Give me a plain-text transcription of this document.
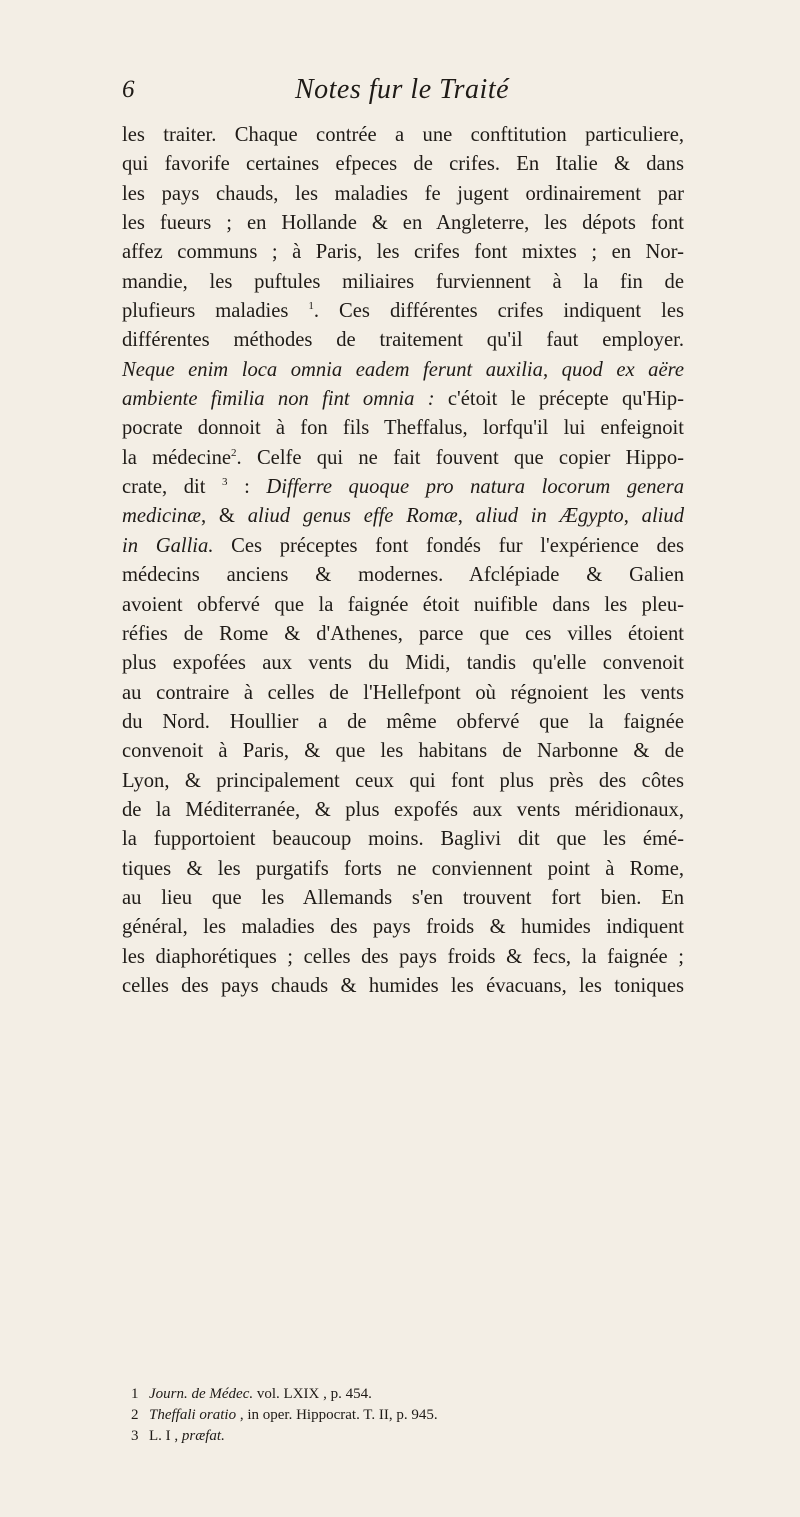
6	Notes fur le Traité
les traiter. Chaque contrée a une conftitution particuliere,
qui favorife certaines efpeces de crifes. En Italie & dans
les pays chauds, les maladies fe jugent ordinairement par
les fueurs ; en Hollande & en Angleterre, les dépots font
affez communs ; à Paris, les crifes font mixtes ; en Nor-
mandie, les puftules miliaires furviennent à la fin de
plufieurs maladies $^1$. Ces différentes crifes indiquent les
différentes méthodes de traitement qu'il faut employer.
Neque enim loca omnia eadem ferunt auxilia, quod ex aëre
ambiente fimilia non fint omnia : c'étoit le précepte qu'Hip-
pocrate donnoit à fon fils Theffalus, lorfqu'il lui enfeignoit
la médecine$^2$. Celfe qui ne fait fouvent que copier Hippo-
crate, dit $^3$ : Differre quoque pro natura locorum genera
medicinæ, & aliud genus effe Romæ, aliud in Ægypto, aliud
in Gallia. Ces préceptes font fondés fur l'expérience des
médecins anciens & modernes. Afclépiade & Galien
avoient obfervé que la faignée étoit nuifible dans les pleu-
réfies de Rome & d'Athenes, parce que ces villes étoient
plus expofées aux vents du Midi, tandis qu'elle convenoit
au contraire à celles de l'Hellefpont où régnoient les vents
du Nord. Houllier a de même obfervé que la faignée
convenoit à Paris, & que les habitans de Narbonne & de
Lyon, & principalement ceux qui font plus près des côtes
de la Méditerranée, & plus expofés aux vents méridionaux,
la fupportoient beaucoup moins. Baglivi dit que les émé-
tiques & les purgatifs forts ne conviennent point à Rome,
au lieu que les Allemands s'en trouvent fort bien. En
général, les maladies des pays froids & humides indiquent
les diaphorétiques ; celles des pays froids & fecs, la faignée ;
celles des pays chauds & humides les évacuans, les toniques
1 Journ. de Médec. vol. LXIX , p. 454.
2 Theffali oratio , in oper. Hippocrat. T. II, p. 945.
3 L. I , præfat.
